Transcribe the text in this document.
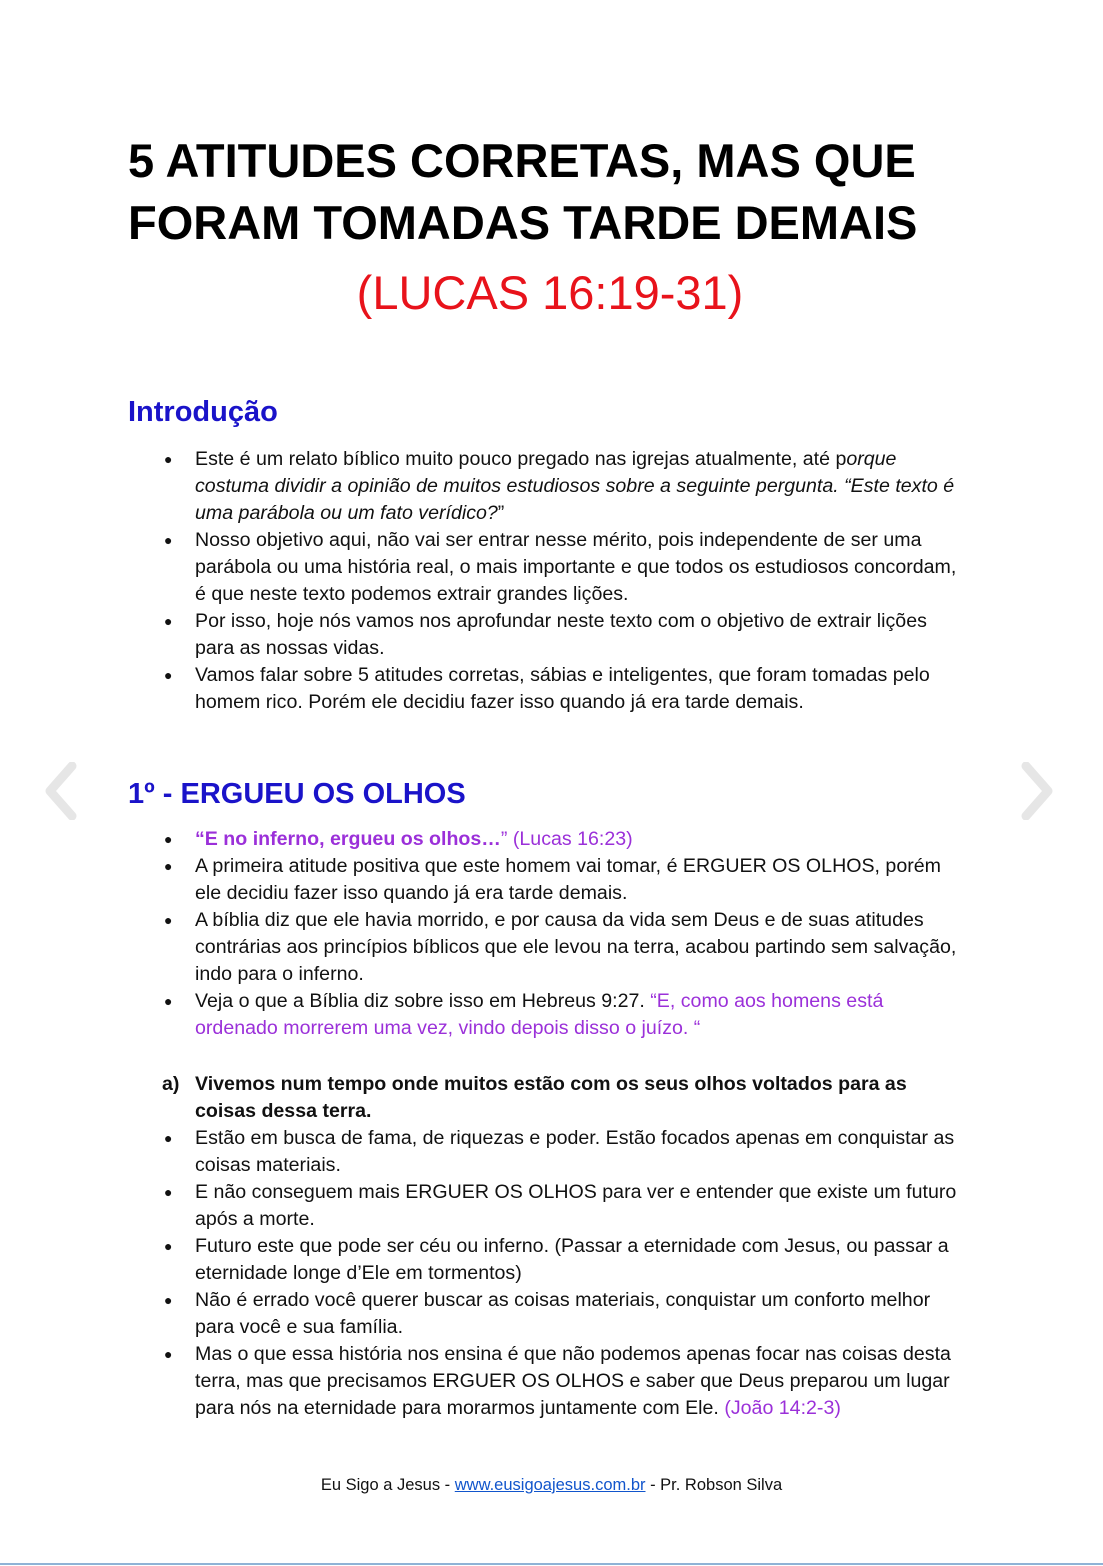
5 ATITUDES CORRETAS, MAS QUE
FORAM TOMADAS TARDE DEMAIS

(LUCAS 16:19-31)

Introdução
● Este é um relato bíblico muito pouco pregado nas igrejas atualmente, até porque costuma dividir a opinião de muitos estudiosos sobre a seguinte pergunta. “Este texto é uma parábola ou um fato verídico?”
● Nosso objetivo aqui, não vai ser entrar nesse mérito, pois independente de ser uma parábola ou uma história real, o mais importante e que todos os estudiosos concordam, é que neste texto podemos extrair grandes lições.
● Por isso, hoje nós vamos nos aprofundar neste texto com o objetivo de extrair lições para as nossas vidas.
● Vamos falar sobre 5 atitudes corretas, sábias e inteligentes, que foram tomadas pelo homem rico. Porém ele decidiu fazer isso quando já era tarde demais.
1º - ERGUEU OS OLHOS
● “E no inferno, ergueu os olhos…” (Lucas 16:23)
● A primeira atitude positiva que este homem vai tomar, é ERGUER OS OLHOS, porém ele decidiu fazer isso quando já era tarde demais.
● A bíblia diz que ele havia morrido, e por causa da vida sem Deus e de suas atitudes contrárias aos princípios bíblicos que ele levou na terra, acabou partindo sem salvação, indo para o inferno.
● Veja o que a Bíblia diz sobre isso em Hebreus 9:27. “E, como aos homens está ordenado morrerem uma vez, vindo depois disso o juízo. “
a) Vivemos num tempo onde muitos estão com os seus olhos voltados para as coisas dessa terra.
● Estão em busca de fama, de riquezas e poder. Estão focados apenas em conquistar as coisas materiais.
● E não conseguem mais ERGUER OS OLHOS para ver e entender que existe um futuro após a morte.
● Futuro este que pode ser céu ou inferno. (Passar a eternidade com Jesus, ou passar a eternidade longe d’Ele em tormentos)
● Não é errado você querer buscar as coisas materiais, conquistar um conforto melhor para você e sua família.
● Mas o que essa história nos ensina é que não podemos apenas focar nas coisas desta terra, mas que precisamos ERGUER OS OLHOS e saber que Deus preparou um lugar para nós na eternidade para morarmos juntamente com Ele. (João 14:2-3)
Eu Sigo a Jesus - www.eusigoajesus.com.br - Pr. Robson Silva
